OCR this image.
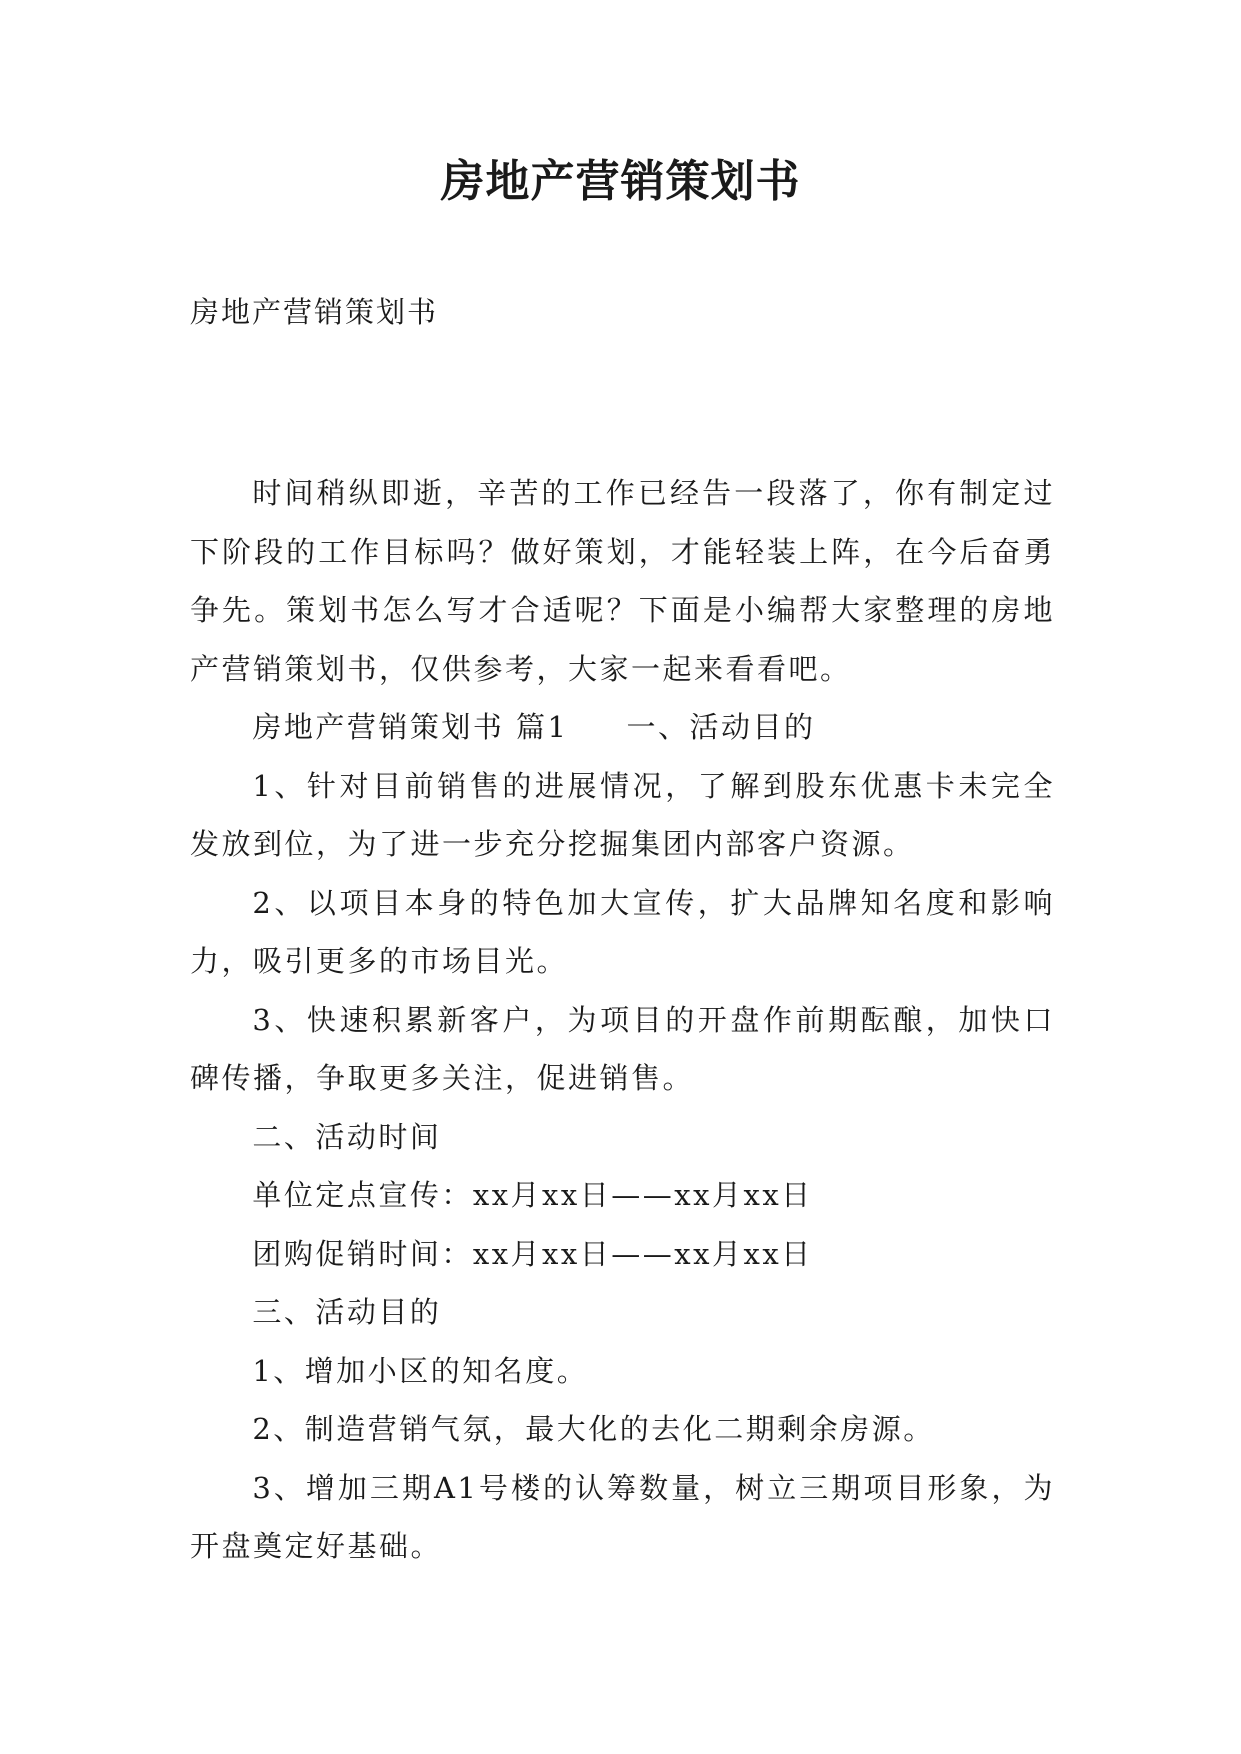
房地产营销策划书
房地产营销策划书

时间稍纵即逝，辛苦的工作已经告一段落了，你有制定过下阶段的工作目标吗？做好策划，才能轻装上阵，在今后奋勇争先。策划书怎么写才合适呢？下面是小编帮大家整理的房地产营销策划书，仅供参考，大家一起来看看吧。

房地产营销策划书 篇1 一、活动目的

1、针对目前销售的进展情况，了解到股东优惠卡未完全发放到位，为了进一步充分挖掘集团内部客户资源。

2、以项目本身的特色加大宣传，扩大品牌知名度和影响力，吸引更多的市场目光。

3、快速积累新客户，为项目的开盘作前期酝酿，加快口碑传播，争取更多关注，促进销售。

二、活动时间

单位定点宣传：xx月xx日——xx月xx日

团购促销时间：xx月xx日——xx月xx日

三、活动目的

1、增加小区的知名度。

2、制造营销气氛，最大化的去化二期剩余房源。

3、增加三期A1号楼的认筹数量，树立三期项目形象，为开盘奠定好基础。
